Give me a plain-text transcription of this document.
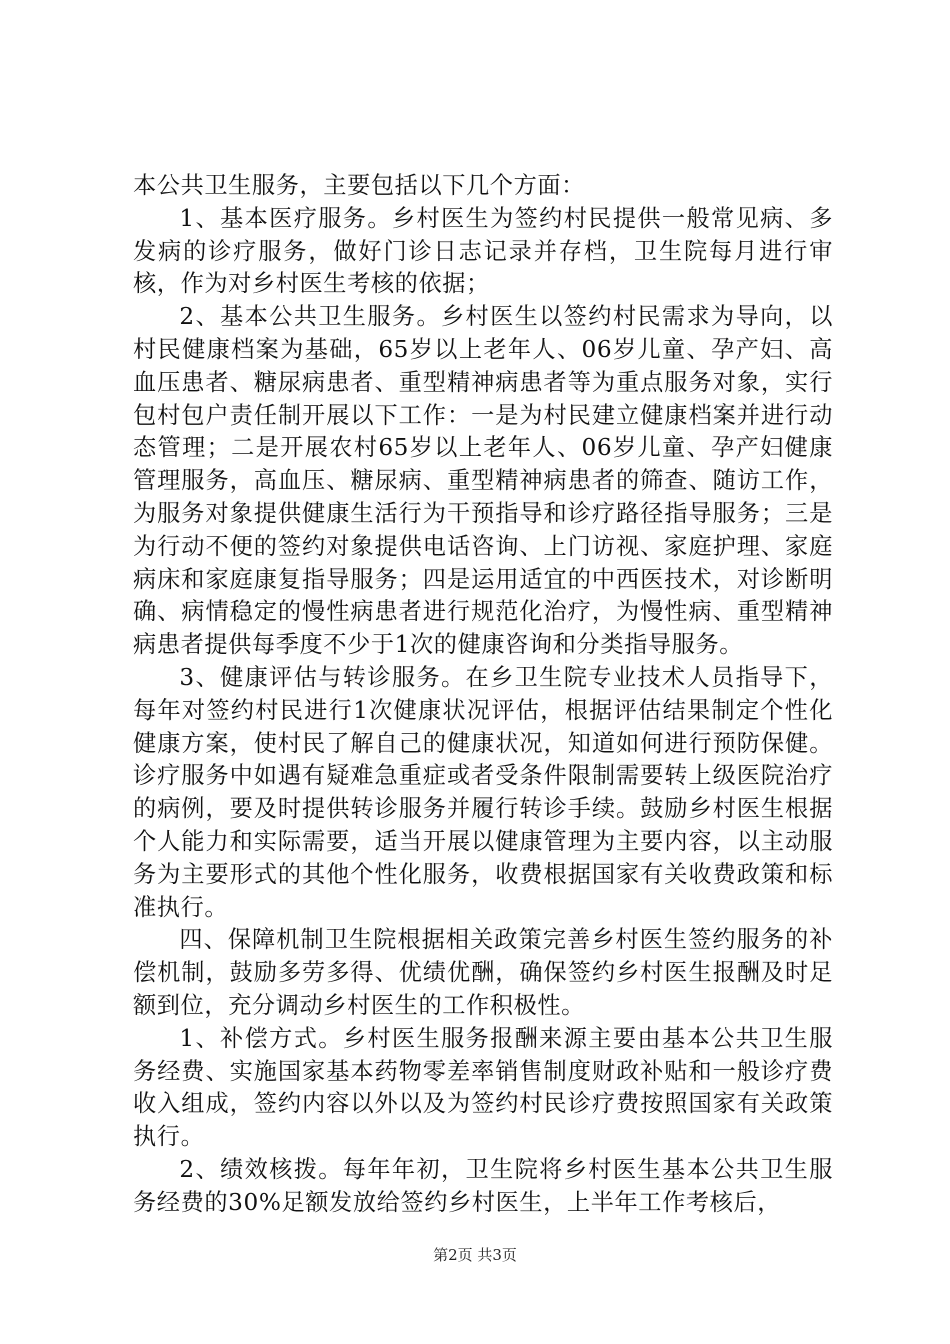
本公共卫生服务，主要包括以下几个方面：

1、基本医疗服务。乡村医生为签约村民提供一般常见病、多发病的诊疗服务，做好门诊日志记录并存档，卫生院每月进行审核，作为对乡村医生考核的依据；

2、基本公共卫生服务。乡村医生以签约村民需求为导向，以村民健康档案为基础，65岁以上老年人、06岁儿童、孕产妇、高血压患者、糖尿病患者、重型精神病患者等为重点服务对象，实行包村包户责任制开展以下工作：一是为村民建立健康档案并进行动态管理；二是开展农村65岁以上老年人、06岁儿童、孕产妇健康管理服务，高血压、糖尿病、重型精神病患者的筛查、随访工作，为服务对象提供健康生活行为干预指导和诊疗路径指导服务；三是为行动不便的签约对象提供电话咨询、上门访视、家庭护理、家庭病床和家庭康复指导服务；四是运用适宜的中西医技术，对诊断明确、病情稳定的慢性病患者进行规范化治疗，为慢性病、重型精神病患者提供每季度不少于1次的健康咨询和分类指导服务。

3、健康评估与转诊服务。在乡卫生院专业技术人员指导下，每年对签约村民进行1次健康状况评估，根据评估结果制定个性化健康方案，使村民了解自己的健康状况，知道如何进行预防保健。诊疗服务中如遇有疑难急重症或者受条件限制需要转上级医院治疗的病例，要及时提供转诊服务并履行转诊手续。鼓励乡村医生根据个人能力和实际需要，适当开展以健康管理为主要内容，以主动服务为主要形式的其他个性化服务，收费根据国家有关收费政策和标准执行。

四、保障机制卫生院根据相关政策完善乡村医生签约服务的补偿机制，鼓励多劳多得、优绩优酬，确保签约乡村医生报酬及时足额到位，充分调动乡村医生的工作积极性。

1、补偿方式。乡村医生服务报酬来源主要由基本公共卫生服务经费、实施国家基本药物零差率销售制度财政补贴和一般诊疗费收入组成，签约内容以外以及为签约村民诊疗费按照国家有关政策执行。

2、绩效核拨。每年年初，卫生院将乡村医生基本公共卫生服务经费的30%足额发放给签约乡村医生，上半年工作考核后，

第2页 共3页
